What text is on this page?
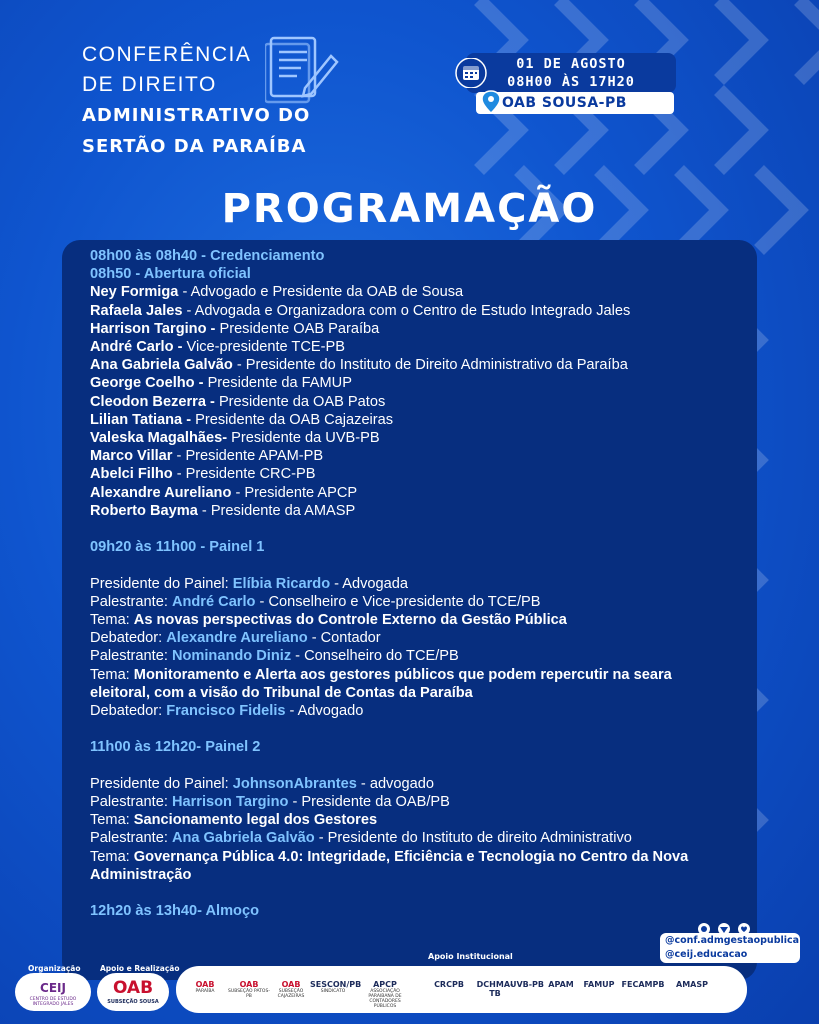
CONFERÊNCIA
DE DIREITO
ADMINISTRATIVO DO
SERTÃO DA PARAÍBA
01 DE AGOSTO
08H00 ÀS 17H20
OAB SOUSA-PB
PROGRAMAÇÃO

08h00 às 08h40 - Credenciamento

08h50 - Abertura oficial

Ney Formiga - Advogado e Presidente da OAB de Sousa

Rafaela Jales - Advogada e Organizadora com o Centro de Estudo Integrado Jales

Harrison Targino - Presidente OAB Paraíba

André Carlo - Vice-presidente TCE-PB

Ana Gabriela Galvão - Presidente do Instituto de Direito Administrativo da Paraíba

George Coelho - Presidente da FAMUP

Cleodon Bezerra - Presidente da OAB Patos

Lilian Tatiana - Presidente da OAB Cajazeiras

Valeska Magalhães- Presidente da UVB-PB

Marco Villar - Presidente APAM-PB

Abelci Filho - Presidente CRC-PB

Alexandre Aureliano - Presidente APCP

Roberto Bayma - Presidente da AMASP

09h20 às 11h00 - Painel 1

Presidente do Painel: Elíbia Ricardo - Advogada

Palestrante: André Carlo - Conselheiro e Vice-presidente do TCE/PB

Tema: As novas perspectivas do Controle Externo da Gestão Pública

Debatedor: Alexandre Aureliano - Contador

Palestrante: Nominando Diniz - Conselheiro do TCE/PB

Tema: Monitoramento e Alerta aos gestores públicos que podem repercutir na seara eleitoral, com a visão do Tribunal de Contas da Paraíba

Debatedor: Francisco Fidelis - Advogado

11h00 às 12h20- Painel 2

Presidente do Painel: JohnsonAbrantes - advogado

Palestrante: Harrison Targino - Presidente da OAB/PB

Tema: Sancionamento legal dos Gestores

Palestrante: Ana Gabriela Galvão - Presidente do Instituto de direito Administrativo

Tema: Governança Pública 4.0: Integridade, Eficiência e Tecnologia no Centro da Nova Administração

12h20 às 13h40- Almoço

@conf.admgestaopublica
@ceij.educacao
Organização	Apoio e Realização
Apoio Institucional
CEIJ
CENTRO DE ESTUDO INTEGRADO JALES
OAB
SUBSEÇÃO SOUSA
OAB
PARAÍBA
OAB
SUBSEÇÃO PATOS-PB
OAB
SUBSEÇÃO CAJAZEIRAS
SESCON/PB
SINDICATO
APCP
ASSOCIAÇÃO PARAIBANA DE CONTADORES PÚBLICOS
CRCPB	DCHMA-TB
UVB-PB APAM	FAMUP FECAMPB	AMASP
